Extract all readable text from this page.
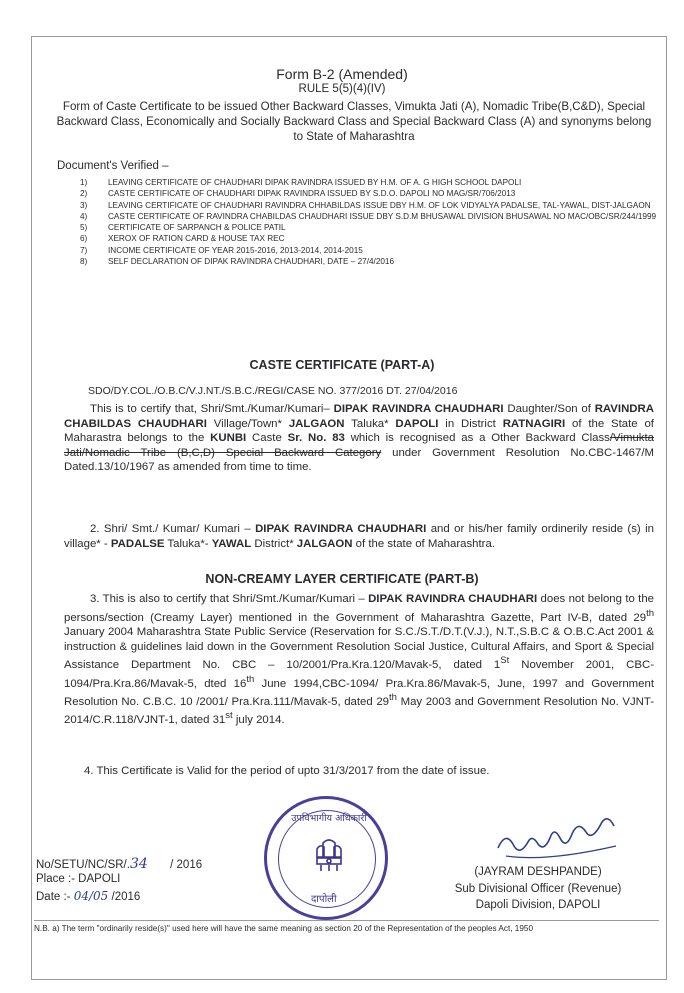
Form B-2 (Amended)
RULE 5(5)(4)(IV)
Form of Caste Certificate to be issued Other Backward Classes, Vimukta Jati (A), Nomadic Tribe(B,C&D), Special Backward Class, Economically and Socially Backward Class and Special Backward Class (A) and synonyms belong to State of Maharashtra
Document's Verified –
1)	LEAVING CERTIFICATE OF CHAUDHARI DIPAK RAVINDRA ISSUED BY H.M. OF A. G HIGH SCHOOL DAPOLI
2)	CASTE CERTIFICATE OF CHAUDHARI DIPAK RAVINDRA ISSUED BY S.D.O. DAPOLI NO MAG/SR/706/2013
3)	LEAVING CERTIFICATE OF CHAUDHARI RAVINDRA CHHABILDAS ISSUE DBY H.M. OF LOK VIDYALYA PADALSE, TAL-YAWAL, DIST-JALGAON
4)	CASTE CERTIFICATE OF RAVINDRA CHABILDAS CHAUDHARI ISSUE DBY S.D.M BHUSAWAL DIVISION BHUSAWAL NO MAC/OBC/SR/244/1999
5)	CERTIFICATE OF SARPANCH & POLICE PATIL
6)	XEROX OF RATION CARD & HOUSE TAX REC
7)	INCOME CERTIFICATE OF YEAR 2015-2016, 2013-2014, 2014-2015
8)	SELF DECLARATION OF DIPAK RAVINDRA CHAUDHARI, DATE – 27/4/2016
CASTE CERTIFICATE (PART-A)
SDO/DY.COL./O.B.C/V.J.NT./S.B.C./REGI/CASE NO. 377/2016 DT. 27/04/2016
This is to certify that, Shri/Smt./Kumar/Kumari– DIPAK RAVINDRA CHAUDHARI Daughter/Son of RAVINDRA CHABILDAS CHAUDHARI Village/Town* JALGAON Taluka* DAPOLI in District RATNAGIRI of the State of Maharastra belongs to the KUNBI Caste Sr. No. 83 which is recognised as a Other Backward Class/Vimukta Jati/Nomadic Tribe (B,C,D) Special Backward Category under Government Resolution No.CBC-1467/M Dated.13/10/1967 as amended from time to time.
2. Shri/ Smt./ Kumar/ Kumari – DIPAK RAVINDRA CHAUDHARI and or his/her family ordinerily reside (s) in village* - PADALSE Taluka*- YAWAL District* JALGAON of the state of Maharashtra.
NON-CREAMY LAYER CERTIFICATE (PART-B)
3. This is also to certify that Shri/Smt./Kumar/Kumari – DIPAK RAVINDRA CHAUDHARI does not belong to the persons/section (Creamy Layer) mentioned in the Government of Maharashtra Gazette, Part IV-B, dated 29th January 2004 Maharashtra State Public Service (Reservation for S.C./S.T./D.T.(V.J.), N.T.,S.B.C & O.B.C.Act 2001 & instruction & guidelines laid down in the Government Resolution Social Justice, Cultural Affairs, and Sport & Special Assistance Department No. CBC – 10/2001/Pra.Kra.120/Mavak-5, dated 1St November 2001, CBC-1094/Pra.Kra.86/Mavak-5, dted 16th June 1994,CBC-1094/ Pra.Kra.86/Mavak-5, June, 1997 and Government Resolution No. C.B.C. 10 /2001/ Pra.Kra.111/Mavak-5, dated 29th May 2003 and Government Resolution No. VJNT-2014/C.R.118/VJNT-1, dated 31st july 2014.
4. This Certificate is Valid for the period of upto 31/3/2017 from the date of issue.
उपविभागीय अधिकारी
दापोली
No/SETU/NC/SR/.34 / 2016
Place :- DAPOLI
Date :- 04/05 /2016
(JAYRAM DESHPANDE)
Sub Divisional Officer (Revenue)
Dapoli Division, DAPOLI
N.B. a) The term "ordinarily reside(s)" used here will have the same meaning as section 20 of the Representation of the peoples Act, 1950
